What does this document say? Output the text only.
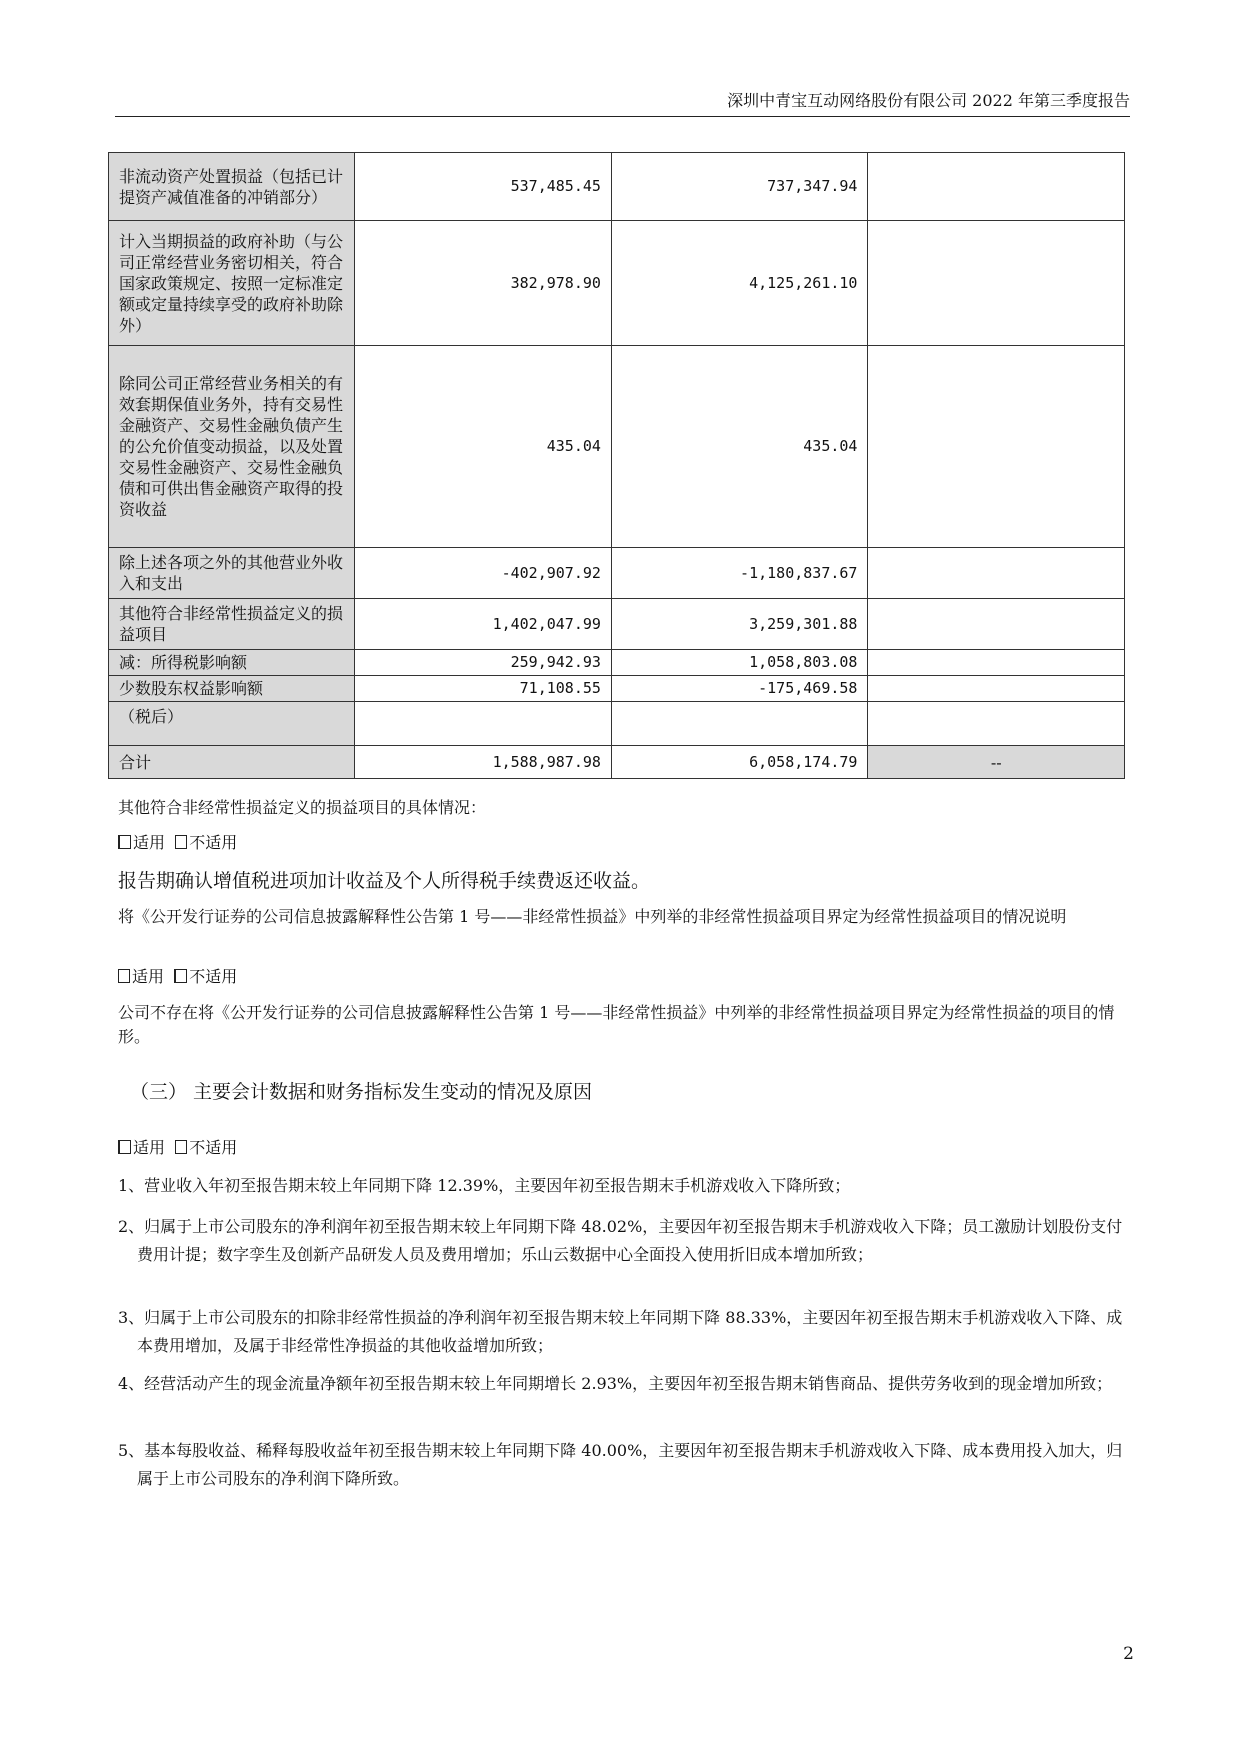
深圳中青宝互动网络股份有限公司 2022 年第三季度报告
非流动资产处置损益（包括已计提资产减值准备的冲销部分）	537,485.45	737,347.94	
计入当期损益的政府补助（与公司正常经营业务密切相关，符合国家政策规定、按照一定标准定额或定量持续享受的政府补助除外）	382,978.90	4,125,261.10	
除同公司正常经营业务相关的有效套期保值业务外，持有交易性金融资产、交易性金融负债产生的公允价值变动损益，以及处置交易性金融资产、交易性金融负债和可供出售金融资产取得的投资收益	435.04	435.04	
除上述各项之外的其他营业外收入和支出	-402,907.92	-1,180,837.67	
其他符合非经常性损益定义的损益项目	1,402,047.99	3,259,301.88	
减：所得税影响额	259,942.93	1,058,803.08	
少数股东权益影响额	71,108.55	-175,469.58	
（税后）			
合计	1,588,987.98	6,058,174.79	--
其他符合非经常性损益定义的损益项目的具体情况：
适用 不适用
报告期确认增值税进项加计收益及个人所得税手续费返还收益。
将《公开发行证券的公司信息披露解释性公告第 1 号——非经常性损益》中列举的非经常性损益项目界定为经常性损益项目的情况说明
适用 不适用
公司不存在将《公开发行证券的公司信息披露解释性公告第 1 号——非经常性损益》中列举的非经常性损益项目界定为经常性损益的项目的情形。
（三） 主要会计数据和财务指标发生变动的情况及原因
适用 不适用
1、营业收入年初至报告期末较上年同期下降 12.39%，主要因年初至报告期末手机游戏收入下降所致；
2、归属于上市公司股东的净利润年初至报告期末较上年同期下降 48.02%，主要因年初至报告期末手机游戏收入下降；员工激励计划股份支付费用计提；数字孪生及创新产品研发人员及费用增加；乐山云数据中心全面投入使用折旧成本增加所致；
3、归属于上市公司股东的扣除非经常性损益的净利润年初至报告期末较上年同期下降 88.33%，主要因年初至报告期末手机游戏收入下降、成本费用增加，及属于非经常性净损益的其他收益增加所致；
4、经营活动产生的现金流量净额年初至报告期末较上年同期增长 2.93%，主要因年初至报告期末销售商品、提供劳务收到的现金增加所致；
5、基本每股收益、稀释每股收益年初至报告期末较上年同期下降 40.00%，主要因年初至报告期末手机游戏收入下降、成本费用投入加大，归属于上市公司股东的净利润下降所致。
2
